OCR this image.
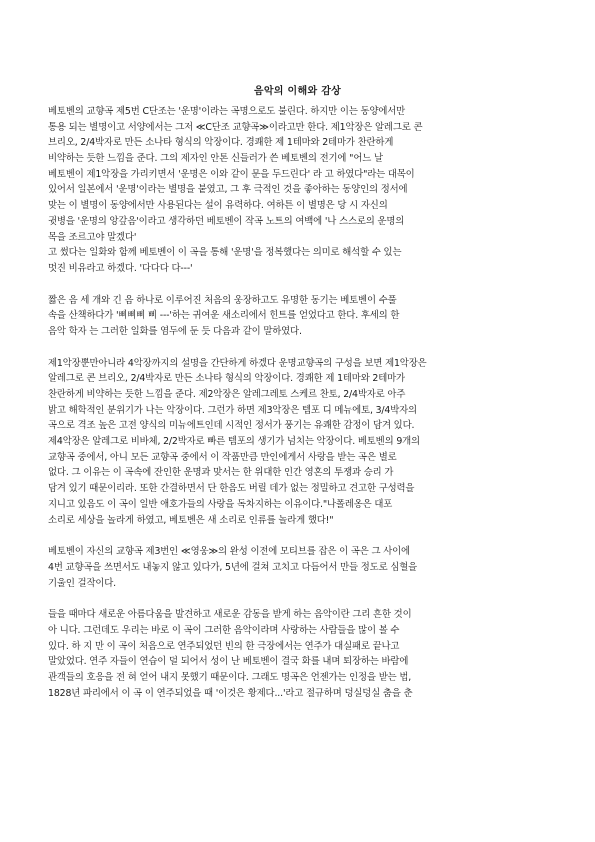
음악의 이해와 감상
베토벤의 교향곡 제5번 C단조는 '운명'이라는 곡명으로도 불린다. 하지만 이는 동양에서만
통용 되는 별명이고 서양에서는 그저 ≪C단조 교향곡≫이라고만 한다. 제1악장은 알레그로 콘
브리오, 2/4박자로 만든 소나타 형식의 악장이다. 경쾌한 제 1테마와 2테마가 찬란하게
비약하는 듯한 느낌을 준다. 그의 제자인 안톤 신들러가 쓴 베토벤의 전기에 "어느 날
베토벤이 제1악장을 가리키면서 '운명은 이와 같이 문을 두드린다' 라 고 하였다"라는 대목이
있어서 일본에서 '운명'이라는 별명을 붙였고, 그 후 극적인 것을 좋아하는 동양인의 정서에
맞는 이 별명이 동양에서만 사용된다는 설이 유력하다. 여하튼 이 별명은 당 시 자신의
귓병을 '운명의 앙갚음'이라고 생각하던 베토벤이 작곡 노트의 여백에 '나 스스로의 운명의
목을 조르고야 말겠다'
고 썼다는 일화와 함께 베토벤이 이 곡을 통해 '운명'을 정복했다는 의미로 해석할 수 있는
멋진 비유라고 하겠다. '다다다 다---'
짧은 음 세 개와 긴 음 하나로 이루어진 처음의 웅장하고도 유명한 동기는 베토벤이 수풀
속을 산책하다가 '삐삐삐 삐 ---'하는 귀여운 새소리에서 힌트를 얻었다고 한다. 후세의 한
음악 학자 는 그러한 일화를 염두에 둔 듯 다음과 같이 말하였다.
제1악장뿐만아니라 4악장까지의 설명을 간단하게 하겠다 운명교향곡의 구성을 보면 제1악장은
알레그로 콘 브리오, 2/4박자로 만든 소나타 형식의 악장이다. 경쾌한 제 1테마와 2테마가
찬란하게 비약하는 듯한 느낌을 준다. 제2악장은 알레그레토 스케르 찬토, 2/4박자로 아주
밝고 해학적인 분위기가 나는 악장이다. 그런가 하면 제3악장은 템포 디 메뉴에토, 3/4박자의
곡으로 격조 높은 고전 양식의 미뉴에트인데 시적인 정서가 풍기는 유쾌한 감정이 담겨 있다.
제4악장은 알레그로 비바체, 2/2박자로 빠른 템포의 생기가 넘치는 악장이다. 베토벤의 9개의
교향곡 중에서, 아니 모든 교향곡 중에서 이 작품만큼 만인에게서 사랑을 받는 곡은 별로
없다. 그 이유는 이 곡속에 잔인한 운명과 맞서는 한 위대한 인간 영혼의 투쟁과 승리 가
담겨 있기 때문이리라. 또한 간결하면서 단 한음도 버릴 데가 없는 정밀하고 견고한 구성력을
지니고 있음도 이 곡이 일반 애호가들의 사랑을 독차지하는 이유이다."나폴레옹은 대포
소리로 세상을 놀라게 하였고, 베토벤은 새 소리로 인류를 놀라게 했다!"
베토벤이 자신의 교향곡 제3번인 ≪영웅≫의 완성 이전에 모티브를 잡은 이 곡은 그 사이에
4번 교향곡을 쓰면서도 내놓지 않고 있다가, 5년에 걸쳐 고치고 다듬어서 만들 정도로 심혈을
기울인 걸작이다.
들을 때마다 새로운 아름다움을 발견하고 새로운 감동을 받게 하는 음악이란 그리 흔한 것이
아 니다. 그런데도 우리는 바로 이 곡이 그러한 음악이라며 사랑하는 사람들을 많이 볼 수
있다. 하 지 만 이 곡이 처음으로 연주되었던 빈의 한 극장에서는 연주가 대실패로 끝나고
말았었다. 연주 자들이 연습이 덜 되어서 성이 난 베토벤이 결국 화를 내며 퇴장하는 바람에
관객들의 호응을 전 혀 얻어 내지 못했기 때문이다. 그래도 명곡은 언젠가는 인정을 받는 법,
1828년 파리에서 이 곡 이 연주되었을 때 '이것은 황제다...'라고 절규하며 덩실덩실 춤을 춘
